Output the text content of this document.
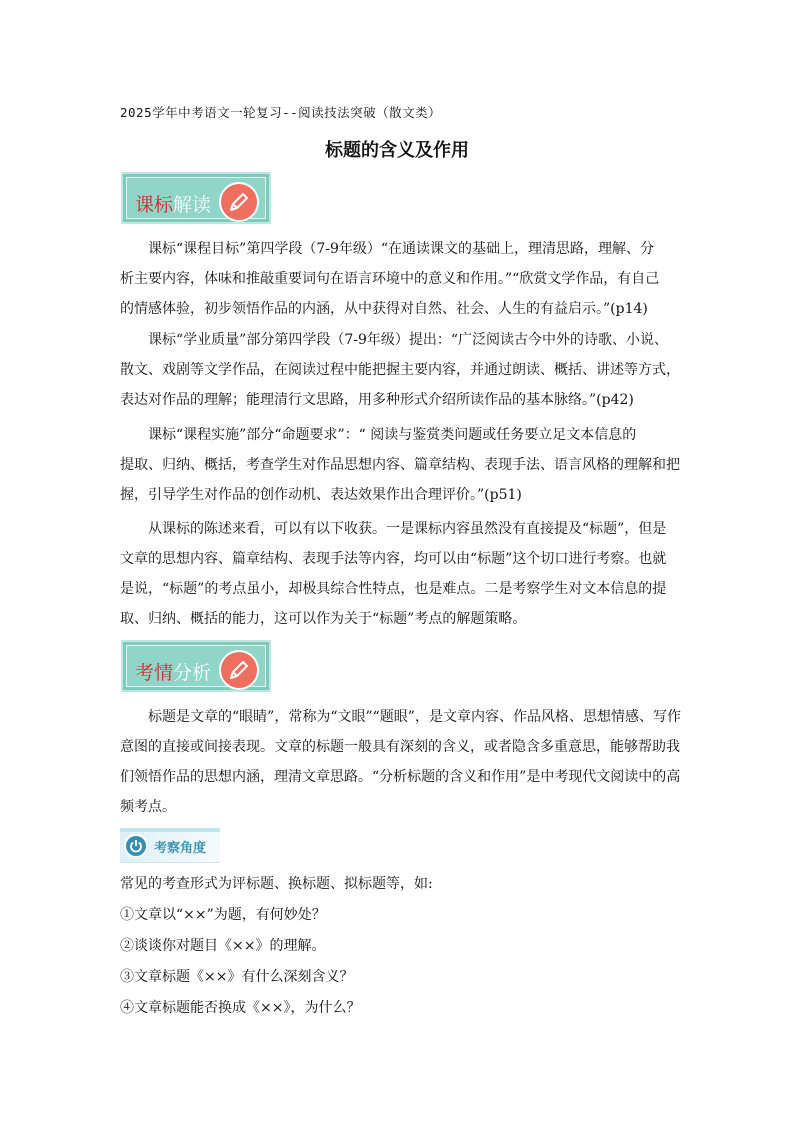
2025学年中考语文一轮复习--阅读技法突破（散文类）
标题的含义及作用
课标解读
课标“课程目标”第四学段（7-9年级）“在通读课文的基础上，理清思路，理解、分
析主要内容，体味和推敲重要词句在语言环境中的意义和作用。”“欣赏文学作品，有自己
的情感体验，初步领悟作品的内涵，从中获得对自然、社会、人生的有益启示。”(p14)
课标“学业质量”部分第四学段（7-9年级）提出：“广泛阅读古今中外的诗歌、小说、
散文、戏剧等文学作品，在阅读过程中能把握主要内容，并通过朗读、概括、讲述等方式，
表达对作品的理解；能理清行文思路，用多种形式介绍所读作品的基本脉络。”(p42)
课标“课程实施”部分“命题要求”：“ 阅读与鉴赏类问题或任务要立足文本信息的
提取、归纳、概括，考查学生对作品思想内容、篇章结构、表现手法、语言风格的理解和把
握，引导学生对作品的创作动机、表达效果作出合理评价。”(p51)
从课标的陈述来看，可以有以下收获。一是课标内容虽然没有直接提及“标题”，但是
文章的思想内容、篇章结构、表现手法等内容，均可以由“标题”这个切口进行考察。也就
是说，“标题”的考点虽小，却极具综合性特点，也是难点。二是考察学生对文本信息的提
取、归纳、概括的能力，这可以作为关于“标题”考点的解题策略。
考情分析
标题是文章的“眼睛”，常称为“文眼”“题眼”，是文章内容、作品风格、思想情感、写作
意图的直接或间接表现。文章的标题一般具有深刻的含义，或者隐含多重意思，能够帮助我
们领悟作品的思想内涵，理清文章思路。“分析标题的含义和作用”是中考现代文阅读中的高
频考点。
考察角度
常见的考查形式为评标题、换标题、拟标题等，如:
①文章以“××”为题，有何妙处？
②谈谈你对题目《××》的理解。
③文章标题《××》有什么深刻含义？
④文章标题能否换成《××》，为什么？
